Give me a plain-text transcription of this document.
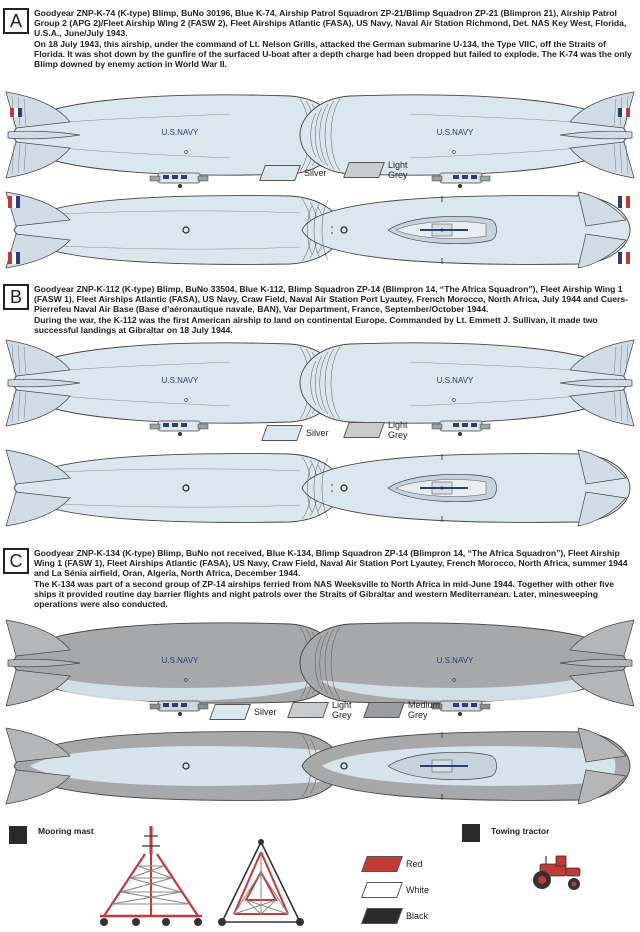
A	Goodyear ZNP-K-74 (K-type) Blimp, BuNo 30196, Blue K-74, Airship Patrol Squadron ZP-21/Blimp Squadron ZP-21 (Blimpron 21), Airship Patrol Group 2 (APG 2)/Fleet Airship Wing 2 (FASW 2), Fleet Airships Atlantic (FASA), US Navy, Naval Air Station Richmond, Det. NAS Key West, Florida, U.S.A., June/July 1943.

On 18 July 1943, this airship, under the command of Lt. Nelson Grills, attacked the German submarine U-134, the Type VIIC, off the Straits of Florida. It was shot down by the gunfire of the surfaced U-boat after a depth charge had been dropped but failed to explode. The K-74 was the only Blimp downed by enemy action in World War II.

U.S.NAVY	U.S.NAVY
Silver
Light Grey
B	Goodyear ZNP-K-112 (K-type) Blimp, BuNo 33504, Blue K-112, Blimp Squadron ZP-14 (Blimpron 14, “The Africa Squadron”), Fleet Airship Wing 1 (FASW 1), Fleet Airships Atlantic (FASA), US Navy, Craw Field, Naval Air Station Port Lyautey, French Morocco, North Africa, July 1944 and Cuers-Pierrefeu Naval Air Base (Base d’aéronautique navale, BAN), Var Department, France, September/October 1944.

During the war, the K-112 was the first American airship to land on continental Europe. Commanded by Lt. Emmett J. Sullivan, it made two successful landings at Gibraltar on 18 July 1944.

U.S.NAVY	U.S.NAVY
Silver
Light Grey
C	Goodyear ZNP-K-134 (K-type) Blimp, BuNo not received, Blue K-134, Blimp Squadron ZP-14 (Blimpron 14, “The Africa Squadron”), Fleet Airship Wing 1 (FASW 1), Fleet Airships Atlantic (FASA), US Navy, Craw Field, Naval Air Station Port Lyautey, French Morocco, North Africa, summer 1944 and La Sénia airfield, Oran, Algeria, North Africa, December 1944.

The K-134 was part of a second group of ZP-14 airships ferried from NAS Weeksville to North Africa in mid-June 1944. Together with other five ships it provided routine day barrier flights and night patrols over the Straits of Gibraltar and western Mediterranean. Later, minesweeping operations were also conducted.

U.S.NAVY	U.S.NAVY
Silver
Light Grey
Medium Grey
Mooring mast	Towing tractor
Red
White
Black
